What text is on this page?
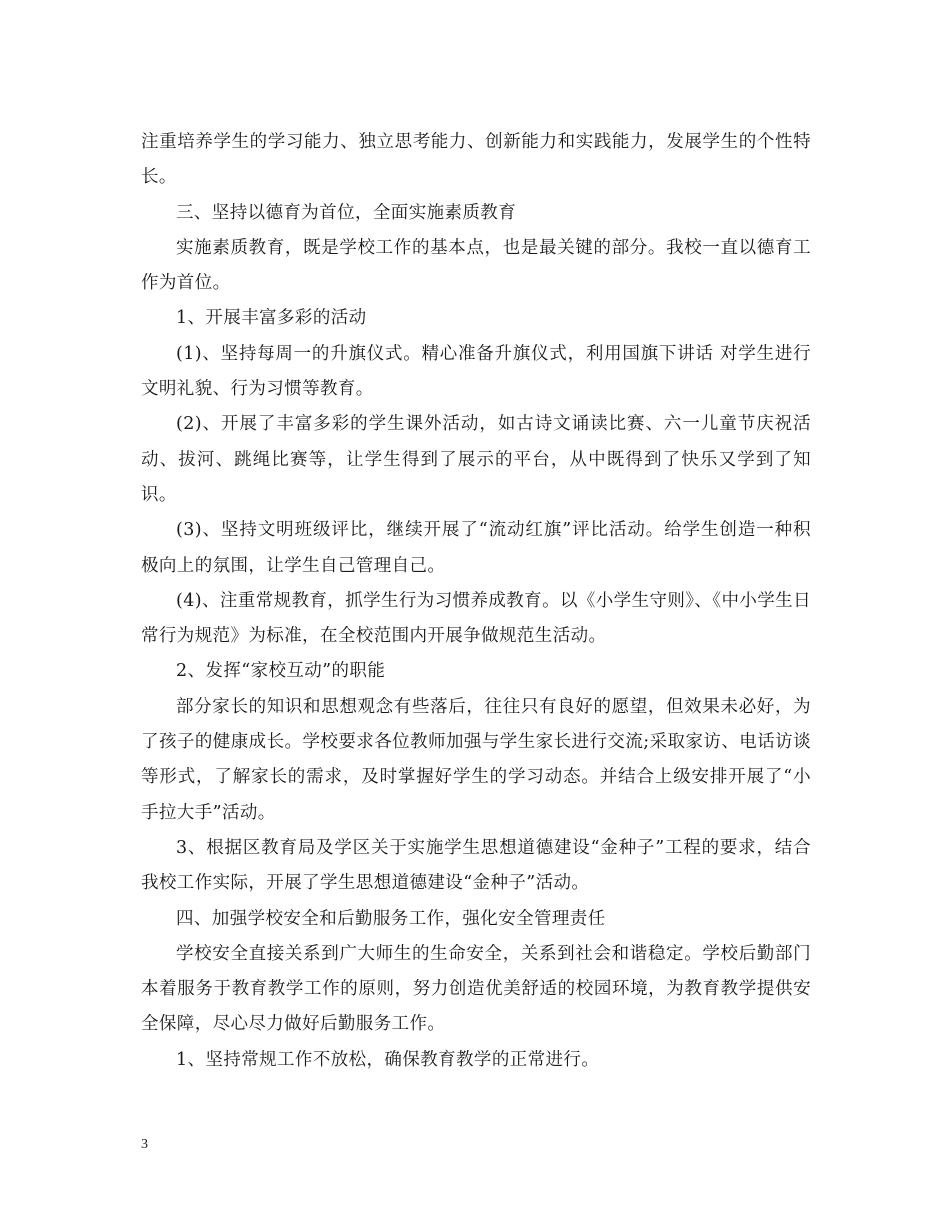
注重培养学生的学习能力、独立思考能力、创新能力和实践能力，发展学生的个性特长。

三、坚持以德育为首位，全面实施素质教育

实施素质教育，既是学校工作的基本点，也是最关键的部分。我校一直以德育工作为首位。

1、开展丰富多彩的活动

(1)、坚持每周一的升旗仪式。精心准备升旗仪式，利用国旗下讲话 对学生进行文明礼貌、行为习惯等教育。

(2)、开展了丰富多彩的学生课外活动，如古诗文诵读比赛、六一儿童节庆祝活动、拔河、跳绳比赛等，让学生得到了展示的平台，从中既得到了快乐又学到了知识。

(3)、坚持文明班级评比，继续开展了“流动红旗”评比活动。给学生创造一种积极向上的氛围，让学生自己管理自己。

(4)、注重常规教育，抓学生行为习惯养成教育。以《小学生守则》、《中小学生日常行为规范》为标准，在全校范围内开展争做规范生活动。

2、发挥“家校互动”的职能

部分家长的知识和思想观念有些落后，往往只有良好的愿望，但效果未必好，为了孩子的健康成长。学校要求各位教师加强与学生家长进行交流;采取家访、电话访谈等形式，了解家长的需求，及时掌握好学生的学习动态。并结合上级安排开展了“小手拉大手”活动。

3、根据区教育局及学区关于实施学生思想道德建设“金种子”工程的要求，结合我校工作实际，开展了学生思想道德建设“金种子”活动。

四、加强学校安全和后勤服务工作，强化安全管理责任

学校安全直接关系到广大师生的生命安全，关系到社会和谐稳定。学校后勤部门本着服务于教育教学工作的原则，努力创造优美舒适的校园环境，为教育教学提供安全保障，尽心尽力做好后勤服务工作。

1、坚持常规工作不放松，确保教育教学的正常进行。

3
